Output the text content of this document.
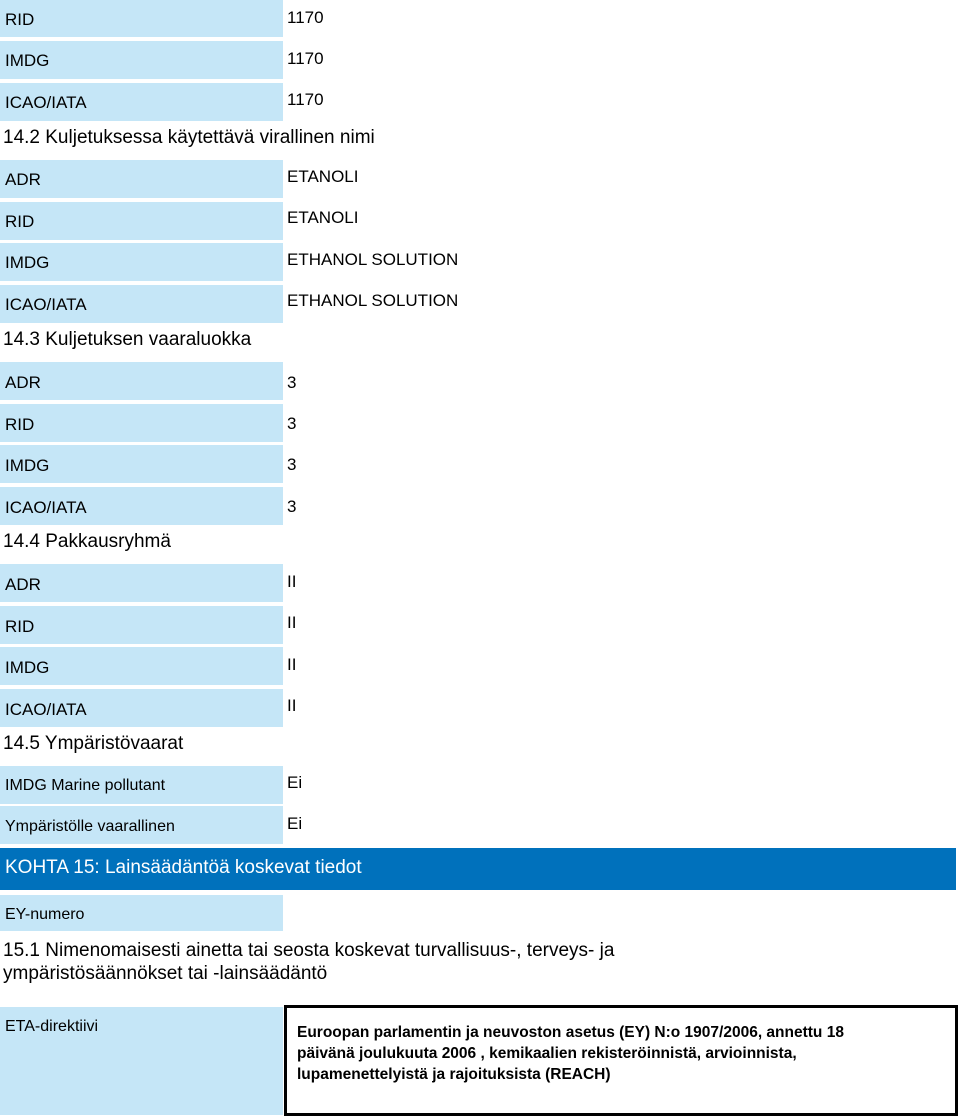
RID	1170
IMDG	1170
ICAO/IATA	1170
14.2 Kuljetuksessa käytettävä virallinen nimi
ADR	ETANOLI
RID	ETANOLI
IMDG	ETHANOL SOLUTION
ICAO/IATA	ETHANOL SOLUTION
14.3 Kuljetuksen vaaraluokka
ADR	3
RID	3
IMDG	3
ICAO/IATA	3
14.4 Pakkausryhmä
ADR	II
RID	II
IMDG	II
ICAO/IATA	II
14.5 Ympäristövaarat
IMDG Marine pollutant	Ei
Ympäristölle vaarallinen	Ei
KOHTA 15: Lainsäädäntöä koskevat tiedot
EY-numero
15.1 Nimenomaisesti ainetta tai seosta koskevat turvallisuus-, terveys- ja
ympäristösäännökset tai -lainsäädäntö
ETA-direktiivi	Euroopan parlamentin ja neuvoston asetus (EY) N:o 1907/2006, annettu 18
päivänä joulukuuta 2006 , kemikaalien rekisteröinnistä, arvioinnista,
lupamenettelyistä ja rajoituksista (REACH)
